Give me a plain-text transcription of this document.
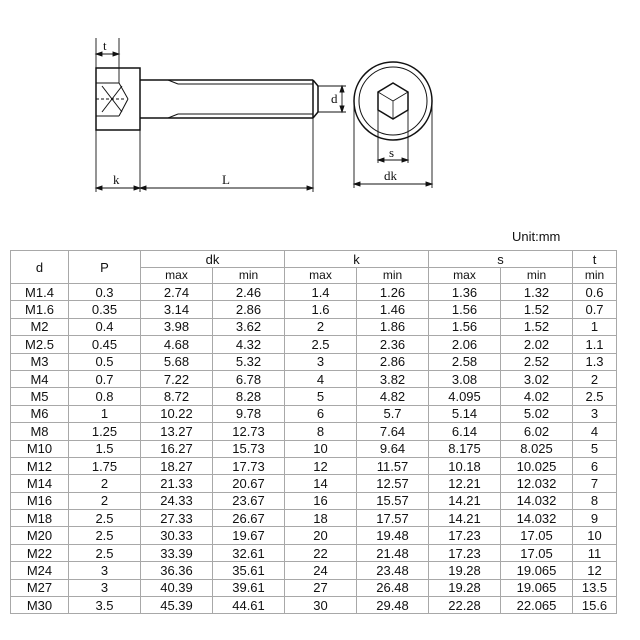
t
k	L
d
s
dk
Unit:mm
d	P	dk		k		s		t
		max	min	max	min	max	min	min
M1.4	0.3	2.74	2.46	1.4	1.26	1.36	1.32	0.6
M1.6	0.35	3.14	2.86	1.6	1.46	1.56	1.52	0.7
M2	0.4	3.98	3.62	2	1.86	1.56	1.52	1
M2.5	0.45	4.68	4.32	2.5	2.36	2.06	2.02	1.1
M3	0.5	5.68	5.32	3	2.86	2.58	2.52	1.3
M4	0.7	7.22	6.78	4	3.82	3.08	3.02	2
M5	0.8	8.72	8.28	5	4.82	4.095	4.02	2.5
M6	1	10.22	9.78	6	5.7	5.14	5.02	3
M8	1.25	13.27	12.73	8	7.64	6.14	6.02	4
M10	1.5	16.27	15.73	10	9.64	8.175	8.025	5
M12	1.75	18.27	17.73	12	11.57	10.18	10.025	6
M14	2	21.33	20.67	14	12.57	12.21	12.032	7
M16	2	24.33	23.67	16	15.57	14.21	14.032	8
M18	2.5	27.33	26.67	18	17.57	14.21	14.032	9
M20	2.5	30.33	19.67	20	19.48	17.23	17.05	10
M22	2.5	33.39	32.61	22	21.48	17.23	17.05	11
M24	3	36.36	35.61	24	23.48	19.28	19.065	12
M27	3	40.39	39.61	27	26.48	19.28	19.065	13.5
M30	3.5	45.39	44.61	30	29.48	22.28	22.065	15.6
